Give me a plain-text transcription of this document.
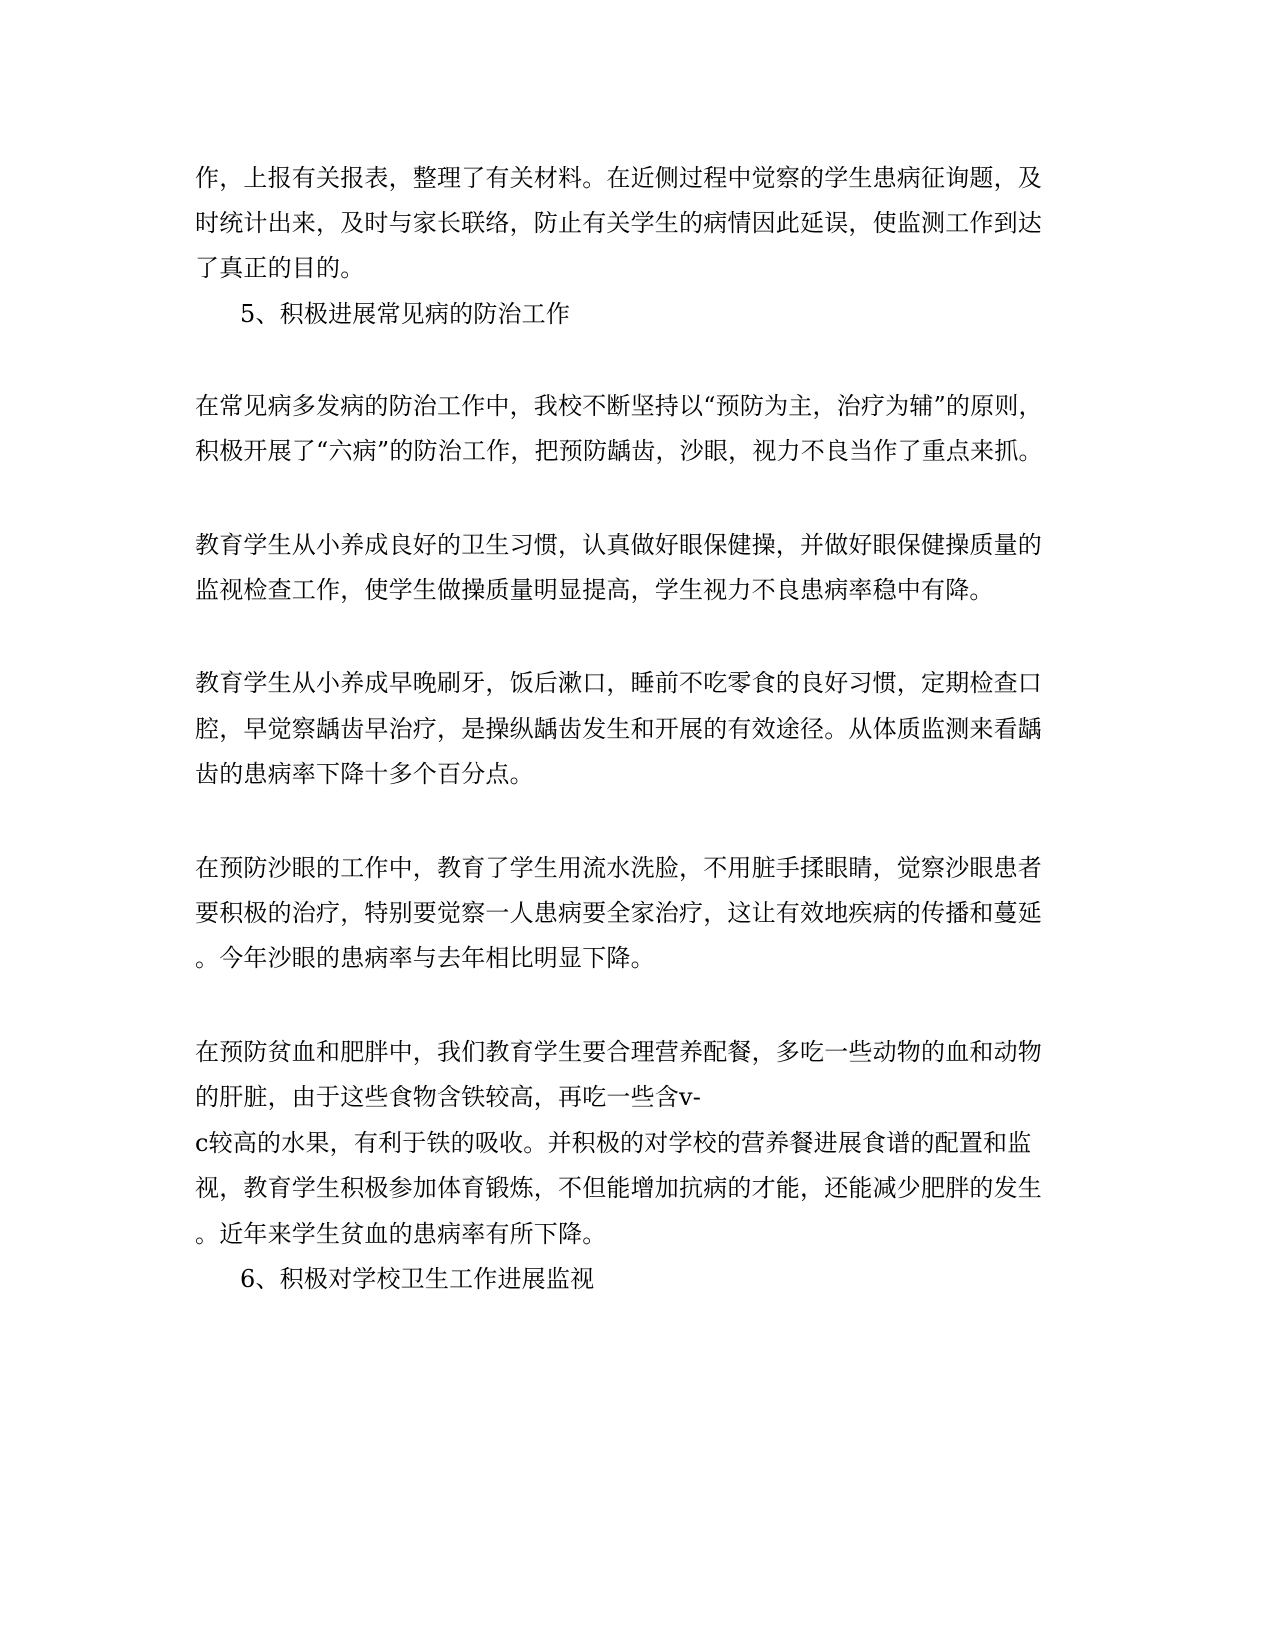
作，上报有关报表，整理了有关材料。在近侧过程中觉察的学生患病征询题，及
时统计出来，及时与家长联络，防止有关学生的病情因此延误，使监测工作到达
了真正的目的。
5、积极进展常见病的防治工作
在常见病多发病的防治工作中，我校不断坚持以“预防为主，治疗为辅”的原则，
积极开展了“六病”的防治工作，把预防龋齿，沙眼，视力不良当作了重点来抓。
教育学生从小养成良好的卫生习惯，认真做好眼保健操，并做好眼保健操质量的
监视检查工作，使学生做操质量明显提高，学生视力不良患病率稳中有降。
教育学生从小养成早晚刷牙，饭后漱口，睡前不吃零食的良好习惯，定期检查口
腔，早觉察龋齿早治疗，是操纵龋齿发生和开展的有效途径。从体质监测来看龋
齿的患病率下降十多个百分点。
在预防沙眼的工作中，教育了学生用流水洗脸，不用脏手揉眼睛，觉察沙眼患者
要积极的治疗，特别要觉察一人患病要全家治疗，这让有效地疾病的传播和蔓延
。今年沙眼的患病率与去年相比明显下降。
在预防贫血和肥胖中，我们教育学生要合理营养配餐，多吃一些动物的血和动物
的肝脏，由于这些食物含铁较高，再吃一些含v-
c较高的水果，有利于铁的吸收。并积极的对学校的营养餐进展食谱的配置和监
视，教育学生积极参加体育锻炼，不但能增加抗病的才能，还能减少肥胖的发生
。近年来学生贫血的患病率有所下降。
6、积极对学校卫生工作进展监视
